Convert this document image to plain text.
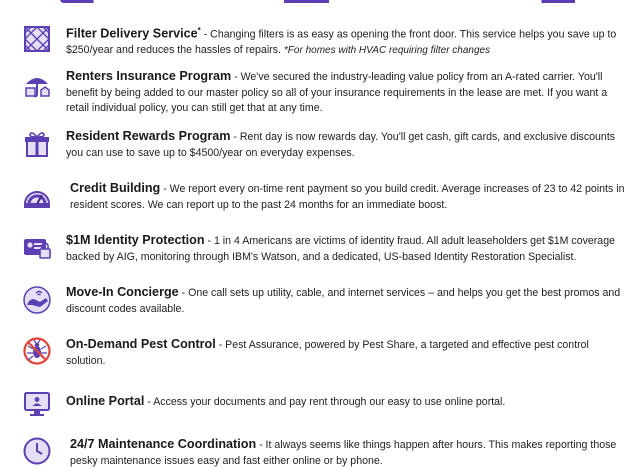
Filter Delivery Service* - Changing filters is as easy as opening the front door. This service helps you save up to $250/year and reduces the hassles of repairs. *For homes with HVAC requiring filter changes
Renters Insurance Program - We've secured the industry-leading value policy from an A-rated carrier. You'll benefit by being added to our master policy so all of your insurance requirements in the lease are met. If you want a retail individual policy, you can still get that at any time.
Resident Rewards Program - Rent day is now rewards day. You'll get cash, gift cards, and exclusive discounts you can use to save up to $4500/year on everyday expenses.
Credit Building - We report every on-time rent payment so you build credit. Average increases of 23 to 42 points in resident scores. We can report up to the past 24 months for an immediate boost.
$1M Identity Protection - 1 in 4 Americans are victims of identity fraud. All adult leaseholders get $1M coverage backed by AIG, monitoring through IBM's Watson, and a dedicated, US-based Identity Restoration Specialist.
Move-In Concierge - One call sets up utility, cable, and internet services – and helps you get the best promos and discount codes available.
On-Demand Pest Control - Pest Assurance, powered by Pest Share, a targeted and effective pest control solution.
Online Portal - Access your documents and pay rent through our easy to use online portal.
24/7 Maintenance Coordination - It always seems like things happen after hours. This makes reporting those pesky maintenance issues easy and fast either online or by phone.
